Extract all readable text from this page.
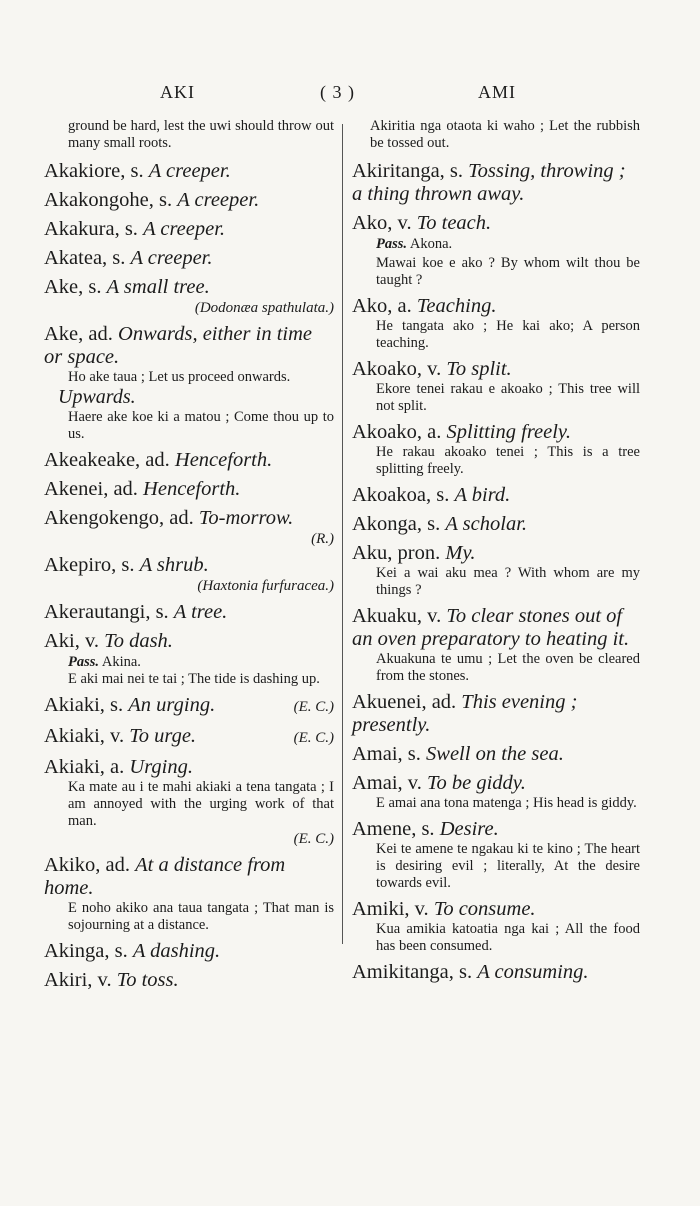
AKI	( 3 )	AMI
ground be hard, lest the uwi should throw out many small roots.
Akakiore, s. A creeper.
Akakongohe, s. A creeper.
Akakura, s. A creeper.
Akatea, s. A creeper.
Ake, s. A small tree.
(Dodonæa spathulata.)
Ake, ad. Onwards, either in time or space.
Ho ake taua ; Let us proceed onwards.
Upwards.
Haere ake koe ki a matou ; Come thou up to us.
Akeakeake, ad. Henceforth.
Akenei, ad. Henceforth.
Akengokengo, ad. To-morrow.
(R.)
Akepiro, s. A shrub.
(Haxtonia furfuracea.)
Akerautangi, s. A tree.
Aki, v. To dash.
Pass. Akina.
E aki mai nei te tai ; The tide is dashing up.
Akiaki, s. An urging.	(E. C.)
Akiaki, v. To urge.	(E. C.)
Akiaki, a. Urging.
Ka mate au i te mahi akiaki a tena tangata ; I am annoyed with the urging work of that man.
(E. C.)
Akiko, ad. At a distance from home.
E noho akiko ana taua tangata ; That man is sojourning at a distance.
Akinga, s. A dashing.
Akiri, v. To toss.
Akiritia nga otaota ki waho ; Let the rubbish be tossed out.
Akiritanga, s. Tossing, throwing ; a thing thrown away.
Ako, v. To teach.
Pass. Akona.
Mawai koe e ako ? By whom wilt thou be taught ?
Ako, a. Teaching.
He tangata ako ; He kai ako; A person teaching.
Akoako, v. To split.
Ekore tenei rakau e akoako ; This tree will not split.
Akoako, a. Splitting freely.
He rakau akoako tenei ; This is a tree splitting freely.
Akoakoa, s. A bird.
Akonga, s. A scholar.
Aku, pron. My.
Kei a wai aku mea ? With whom are my things ?
Akuaku, v. To clear stones out of an oven preparatory to heating it.
Akuakuna te umu ; Let the oven be cleared from the stones.
Akuenei, ad. This evening ; presently.
Amai, s. Swell on the sea.
Amai, v. To be giddy.
E amai ana tona matenga ; His head is giddy.
Amene, s. Desire.
Kei te amene te ngakau ki te kino ; The heart is desiring evil ; literally, At the desire towards evil.
Amiki, v. To consume.
Kua amikia katoatia nga kai ; All the food has been consumed.
Amikitanga, s. A consuming.
